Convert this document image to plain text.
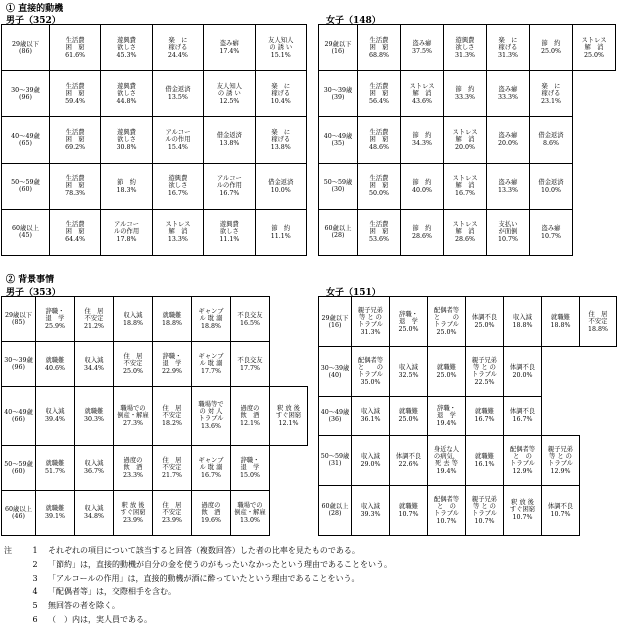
① 直接的動機
男子（352）	女子（148）
29歳以下
(86)	生活費
困　窮
61.6%	遊興費
欲しさ
45.3%	楽　に
稼げる
24.4%	盗み癖
17.4%	友人知人
の 誘 い
15.1%

30～39歳
(96)	生活費
困　窮
59.4%	遊興費
欲しさ
44.8%	借金返済
13.5%	友人知人
の 誘 い
12.5%	楽　に
稼げる
10.4%

40～49歳
(65)	生活費
困　窮
69.2%	遊興費
欲しさ
30.8%	アルコー
ルの作用
15.4%	借金返済
13.8%	楽　に
稼げる
13.8%

50～59歳
(60)	生活費
困　窮
78.3%	節　約
18.3%	遊興費
欲しさ
16.7%	アルコー
ルの作用
16.7%	借金返済
10.0%

60歳以上
(45)	生活費
困　窮
64.4%	アルコー
ルの作用
17.8%	ストレス
解　消
13.3%	遊興費
欲しさ
11.1%	節　約
11.1%
29歳以下
(16)	生活費
困　窮
68.8%	盗み癖
37.5%	遊興費
欲しさ
31.3%	楽　に
稼げる
31.3%	節　約
25.0%	ストレス
解　消
25.0%

30～39歳
(39)	生活費
困　窮
56.4%	ストレス
解　消
43.6%	節　約
33.3%	盗み癖
33.3%	楽　に
稼げる
23.1%	

40～49歳
(35)	生活費
困　窮
48.6%	節　約
34.3%	ストレス
解　消
20.0%	盗み癖
20.0%	借金返済
8.6%	

50～59歳
(30)	生活費
困　窮
50.0%	節　約
40.0%	ストレス
解　消
16.7%	盗み癖
13.3%	借金返済
10.0%	

60歳以上
(28)	生活費
困　窮
53.6%	節　約
28.6%	ストレス
解　消
28.6%	支払い
が面倒
10.7%	盗み癖
10.7%	

② 背景事情
男子（353）	女子（151）
29歳以下
(85)	辞職・
退　学
25.9%	住　居
不安定
21.2%	収入減
18.8%	就職難
18.8%	ギャンブ
ル 耽 溺
18.8%	不良交友
16.5%	

30～39歳
(96)	就職難
40.6%	収入減
34.4%	住　居
不安定
25.0%	辞職・
退　学
22.9%	ギャンブ
ル 耽 溺
17.7%	不良交友
17.7%	

40～49歳
(66)	収入減
39.4%	就職難
30.3%	職場での
倒産・解雇
27.3%	住　居
不安定
18.2%	職場等で
の 対 人
トラブル
13.6%	過度の
飲　酒
12.1%	釈 放 後
すぐ困窮
12.1%

50～59歳
(60)	就職難
51.7%	収入減
36.7%	過度の
飲　酒
23.3%	住　居
不安定
21.7%	ギャンブ
ル 耽 溺
16.7%	辞職・
退　学
15.0%	

60歳以上
(46)	就職難
39.1%	収入減
34.8%	釈 放 後
すぐ困窮
23.9%	住　居
不安定
23.9%	過度の
飲　酒
19.6%	職場での
倒産・解雇
13.0%	

29歳以下
(16)	親子兄弟
等 と の
トラブル
31.3%	辞職・
退　学
25.0%	配偶者等
と　　の
トラブル
25.0%	体調不良
25.0%	収入減
18.8%	就職難
18.8%	住　居
不安定
18.8%

30～39歳
(40)	配偶者等
と　　の
トラブル
35.0%	収入減
32.5%	就職難
25.0%	親子兄弟
等 と の
トラブル
22.5%	体調不良
20.0%		

40～49歳
(36)	収入減
36.1%	就職難
25.0%	辞職・
退　学
19.4%	就職難
16.7%	体調不良
16.7%		

50～59歳
(31)	収入減
29.0%	体調不良
22.6%	身近な人
の病気，
死 去 等
19.4%	就職難
16.1%	配偶者等
と　の
トラブル
12.9%	親子兄弟
等 と の
トラブル
12.9%	

60歳以上
(28)	収入減
39.3%	就職難
10.7%	配偶者等
と　の
トラブル
10.7%	親子兄弟
等 と の
トラブル
10.7%	釈 放 後
すぐ困窮
10.7%	体調不良
10.7%	

注	1 それぞれの項目について該当すると回答（複数回答）した者の比率を見たものである。
2 「節約」は，直接的動機が自分の金を使うのがもったいなかったという理由であることをいう。
3 「アルコールの作用」は，直接的動機が酒に酔っていたという理由であることをいう。
4 「配偶者等」は，交際相手を含む。
5 無回答の者を除く。
6 （　）内は，実人員である。
